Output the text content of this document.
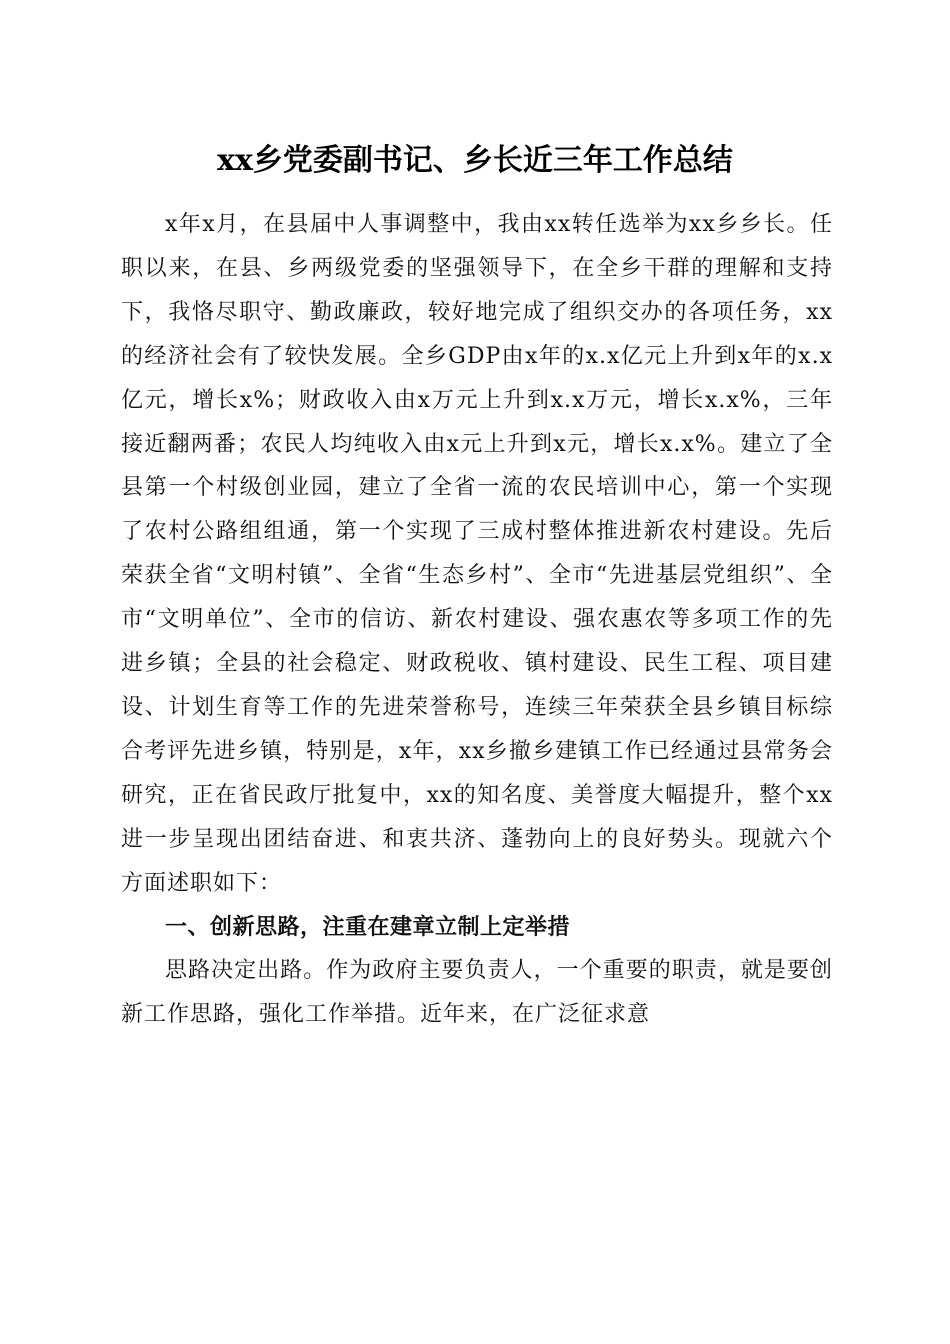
xx乡党委副书记、乡长近三年工作总结

x年x月，在县届中人事调整中，我由xx转任选举为xx乡乡长。任职以来，在县、乡两级党委的坚强领导下，在全乡干群的理解和支持下，我恪尽职守、勤政廉政，较好地完成了组织交办的各项任务，xx的经济社会有了较快发展。全乡GDP由x年的x.x亿元上升到x年的x.x亿元，增长x%；财政收入由x万元上升到x.x万元，增长x.x%，三年接近翻两番；农民人均纯收入由x元上升到x元，增长x.x%。建立了全县第一个村级创业园，建立了全省一流的农民培训中心，第一个实现了农村公路组组通，第一个实现了三成村整体推进新农村建设。先后荣获全省“文明村镇”、全省“生态乡村”、全市“先进基层党组织”、全市“文明单位”、全市的信访、新农村建设、强农惠农等多项工作的先进乡镇；全县的社会稳定、财政税收、镇村建设、民生工程、项目建设、计划生育等工作的先进荣誉称号，连续三年荣获全县乡镇目标综合考评先进乡镇，特别是，x年，xx乡撤乡建镇工作已经通过县常务会研究，正在省民政厅批复中，xx的知名度、美誉度大幅提升，整个xx进一步呈现出团结奋进、和衷共济、蓬勃向上的良好势头。现就六个方面述职如下：

一、创新思路，注重在建章立制上定举措

思路决定出路。作为政府主要负责人，一个重要的职责，就是要创新工作思路，强化工作举措。近年来，在广泛征求意
